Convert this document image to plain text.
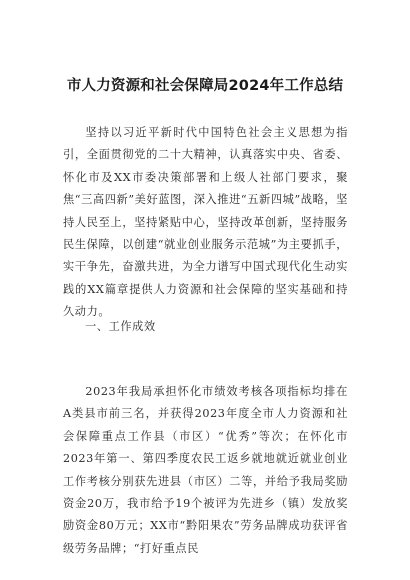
市人力资源和社会保障局2024年工作总结

坚持以习近平新时代中国特色社会主义思想为指引，全面贯彻党的二十大精神，认真落实中央、省委、怀化市及XX市委决策部署和上级人社部门要求，聚焦“三高四新”美好蓝图，深入推进“五新四城”战略，坚持人民至上，坚持紧贴中心，坚持改革创新，坚持服务民生保障，以创建“就业创业服务示范城”为主要抓手，实干争先，奋激共进，为全力谱写中国式现代化生动实践的XX篇章提供人力资源和社会保障的坚实基础和持久动力。

一、工作成效

2023年我局承担怀化市绩效考核各项指标均排在A类县市前三名，并获得2023年度全市人力资源和社会保障重点工作县（市区）“优秀”等次；在怀化市2023年第一、第四季度农民工返乡就地就近就业创业工作考核分别获先进县（市区）二等，并给予我局奖励资金20万，我市给予19个被评为先进乡（镇）发放奖励资金80万元；XX市“黔阳果农”劳务品牌成功获评省级劳务品牌；“打好重点民
